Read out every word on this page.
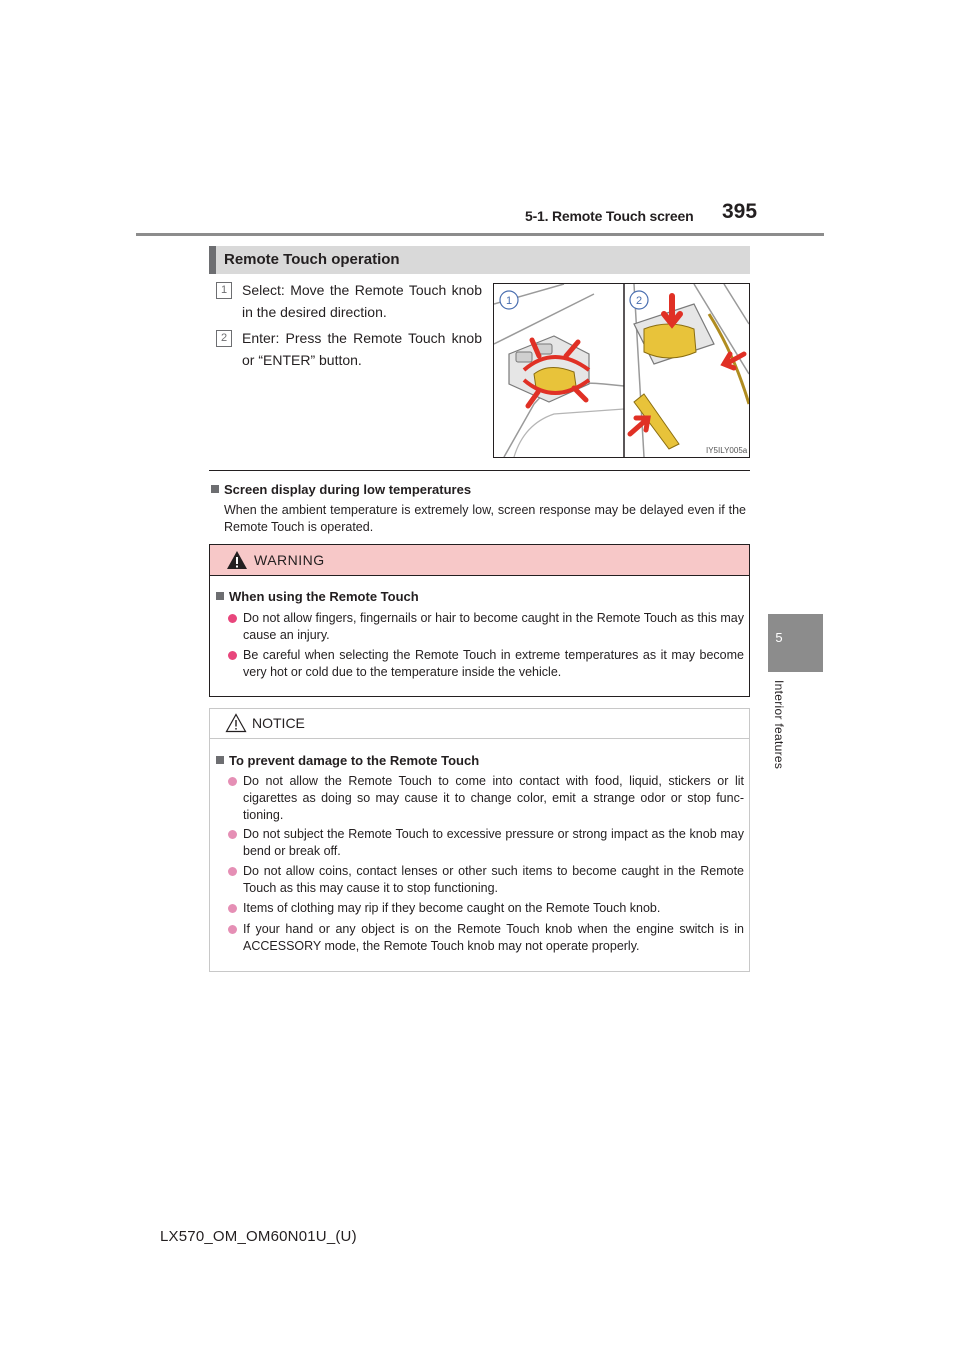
5-1. Remote Touch screen 395
5
Interior features
Remote Touch operation
1	Select: Move the Remote Touch knob in the desired direction.
2	Enter: Press the Remote Touch knob or “ENTER” button.
1	2
IY5ILY005a
Screen display during low temperatures
When the ambient temperature is extremely low, screen response may be delayed even if the Remote Touch is operated.
WARNING
When using the Remote Touch
Do not allow fingers, fingernails or hair to become caught in the Remote Touch as this may cause an injury.
Be careful when selecting the Remote Touch in extreme temperatures as it may become very hot or cold due to the temperature inside the vehicle.
NOTICE
To prevent damage to the Remote Touch
Do not allow the Remote Touch to come into contact with food, liquid, stickers or lit cigarettes as doing so may cause it to change color, emit a strange odor or stop func-tioning.
Do not subject the Remote Touch to excessive pressure or strong impact as the knob may bend or break off.
Do not allow coins, contact lenses or other such items to become caught in the Remote Touch as this may cause it to stop functioning.
Items of clothing may rip if they become caught on the Remote Touch knob.
If your hand or any object is on the Remote Touch knob when the engine switch is in ACCESSORY mode, the Remote Touch knob may not operate properly.
LX570_OM_OM60N01U_(U)
